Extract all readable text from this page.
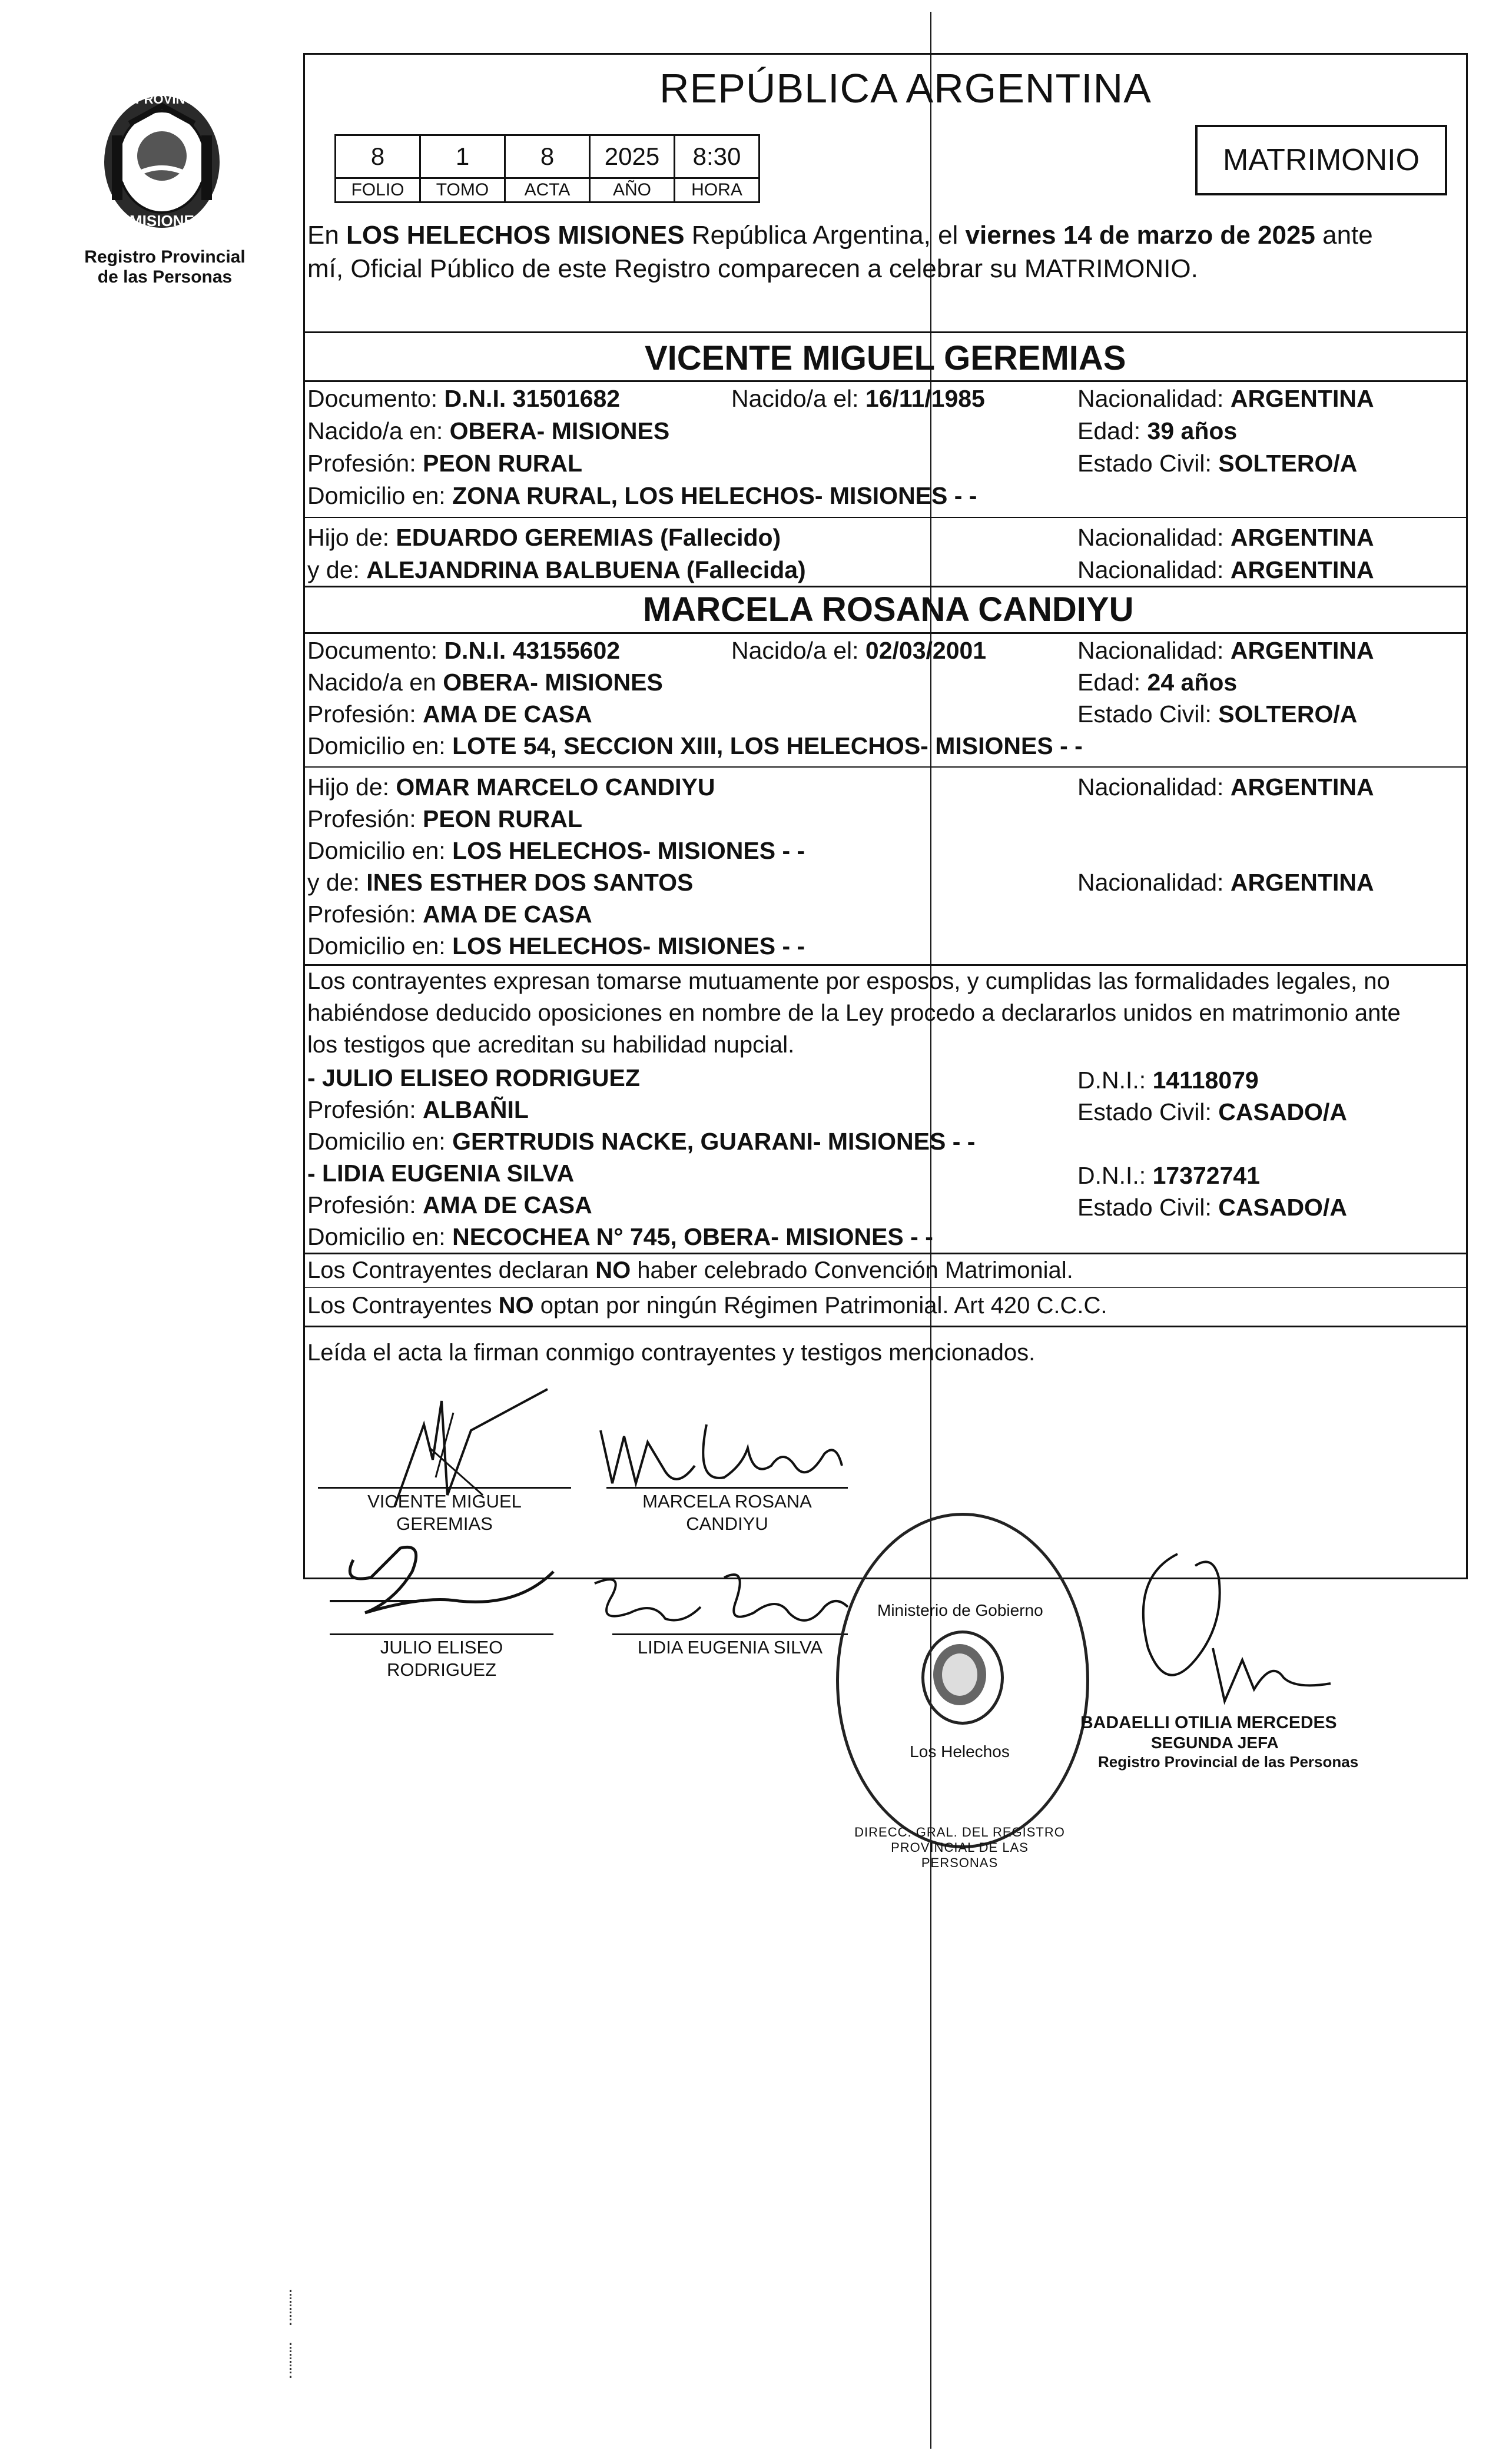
PROVINCIA DE
MISIONES
Registro Provincial
de las Personas
REPÚBLICA ARGENTINA
8	1	8	2025	8:30
FOLIO	TOMO	ACTA	AÑO	HORA
MATRIMONIO
En LOS HELECHOS MISIONES República Argentina, el viernes 14 de marzo de 2025 ante
mí, Oficial Público de este Registro comparecen a celebrar su MATRIMONIO.
VICENTE MIGUEL GEREMIAS
Documento: D.N.I. 31501682	Nacido/a el: 16/11/1985	Nacionalidad: ARGENTINA
Nacido/a en: OBERA- MISIONES	Edad: 39 años
Profesión: PEON RURAL	Estado Civil: SOLTERO/A
Domicilio en: ZONA RURAL, LOS HELECHOS- MISIONES - -
Hijo de: EDUARDO GEREMIAS (Fallecido)	Nacionalidad: ARGENTINA
y de: ALEJANDRINA BALBUENA (Fallecida)	Nacionalidad: ARGENTINA
MARCELA ROSANA CANDIYU
Documento: D.N.I. 43155602	Nacido/a el: 02/03/2001	Nacionalidad: ARGENTINA
Nacido/a en OBERA- MISIONES	Edad: 24 años
Profesión: AMA DE CASA	Estado Civil: SOLTERO/A
Domicilio en: LOTE 54, SECCION XIII, LOS HELECHOS- MISIONES - -
Hijo de: OMAR MARCELO CANDIYU	Nacionalidad: ARGENTINA
Profesión: PEON RURAL
Domicilio en: LOS HELECHOS- MISIONES - -
y de: INES ESTHER DOS SANTOS	Nacionalidad: ARGENTINA
Profesión: AMA DE CASA
Domicilio en: LOS HELECHOS- MISIONES - -
Los contrayentes expresan tomarse mutuamente por esposos, y cumplidas las formalidades legales, no
habiéndose deducido oposiciones en nombre de la Ley procedo a declararlos unidos en matrimonio ante
los testigos que acreditan su habilidad nupcial.
- JULIO ELISEO RODRIGUEZ	D.N.I.: 14118079
Profesión: ALBAÑIL	Estado Civil: CASADO/A
Domicilio en: GERTRUDIS NACKE, GUARANI- MISIONES - -
- LIDIA EUGENIA SILVA	D.N.I.: 17372741
Profesión: AMA DE CASA	Estado Civil: CASADO/A
Domicilio en: NECOCHEA N° 745, OBERA- MISIONES - -
Los Contrayentes declaran NO haber celebrado Convención Matrimonial.
Los Contrayentes NO optan por ningún Régimen Patrimonial. Art 420 C.C.C.
Leída el acta la firman conmigo contrayentes y testigos mencionados.
VICENTE MIGUEL
GEREMIAS
MARCELA ROSANA
CANDIYU
JULIO ELISEO
RODRIGUEZ
LIDIA EUGENIA SILVA
DIRECC. GRAL. DEL REGISTRO PROVINCIAL DE LAS PERSONAS
Ministerio de Gobierno
Los Helechos
BADAELLI OTILIA MERCEDES
SEGUNDA JEFA
Registro Provincial de las Personas
